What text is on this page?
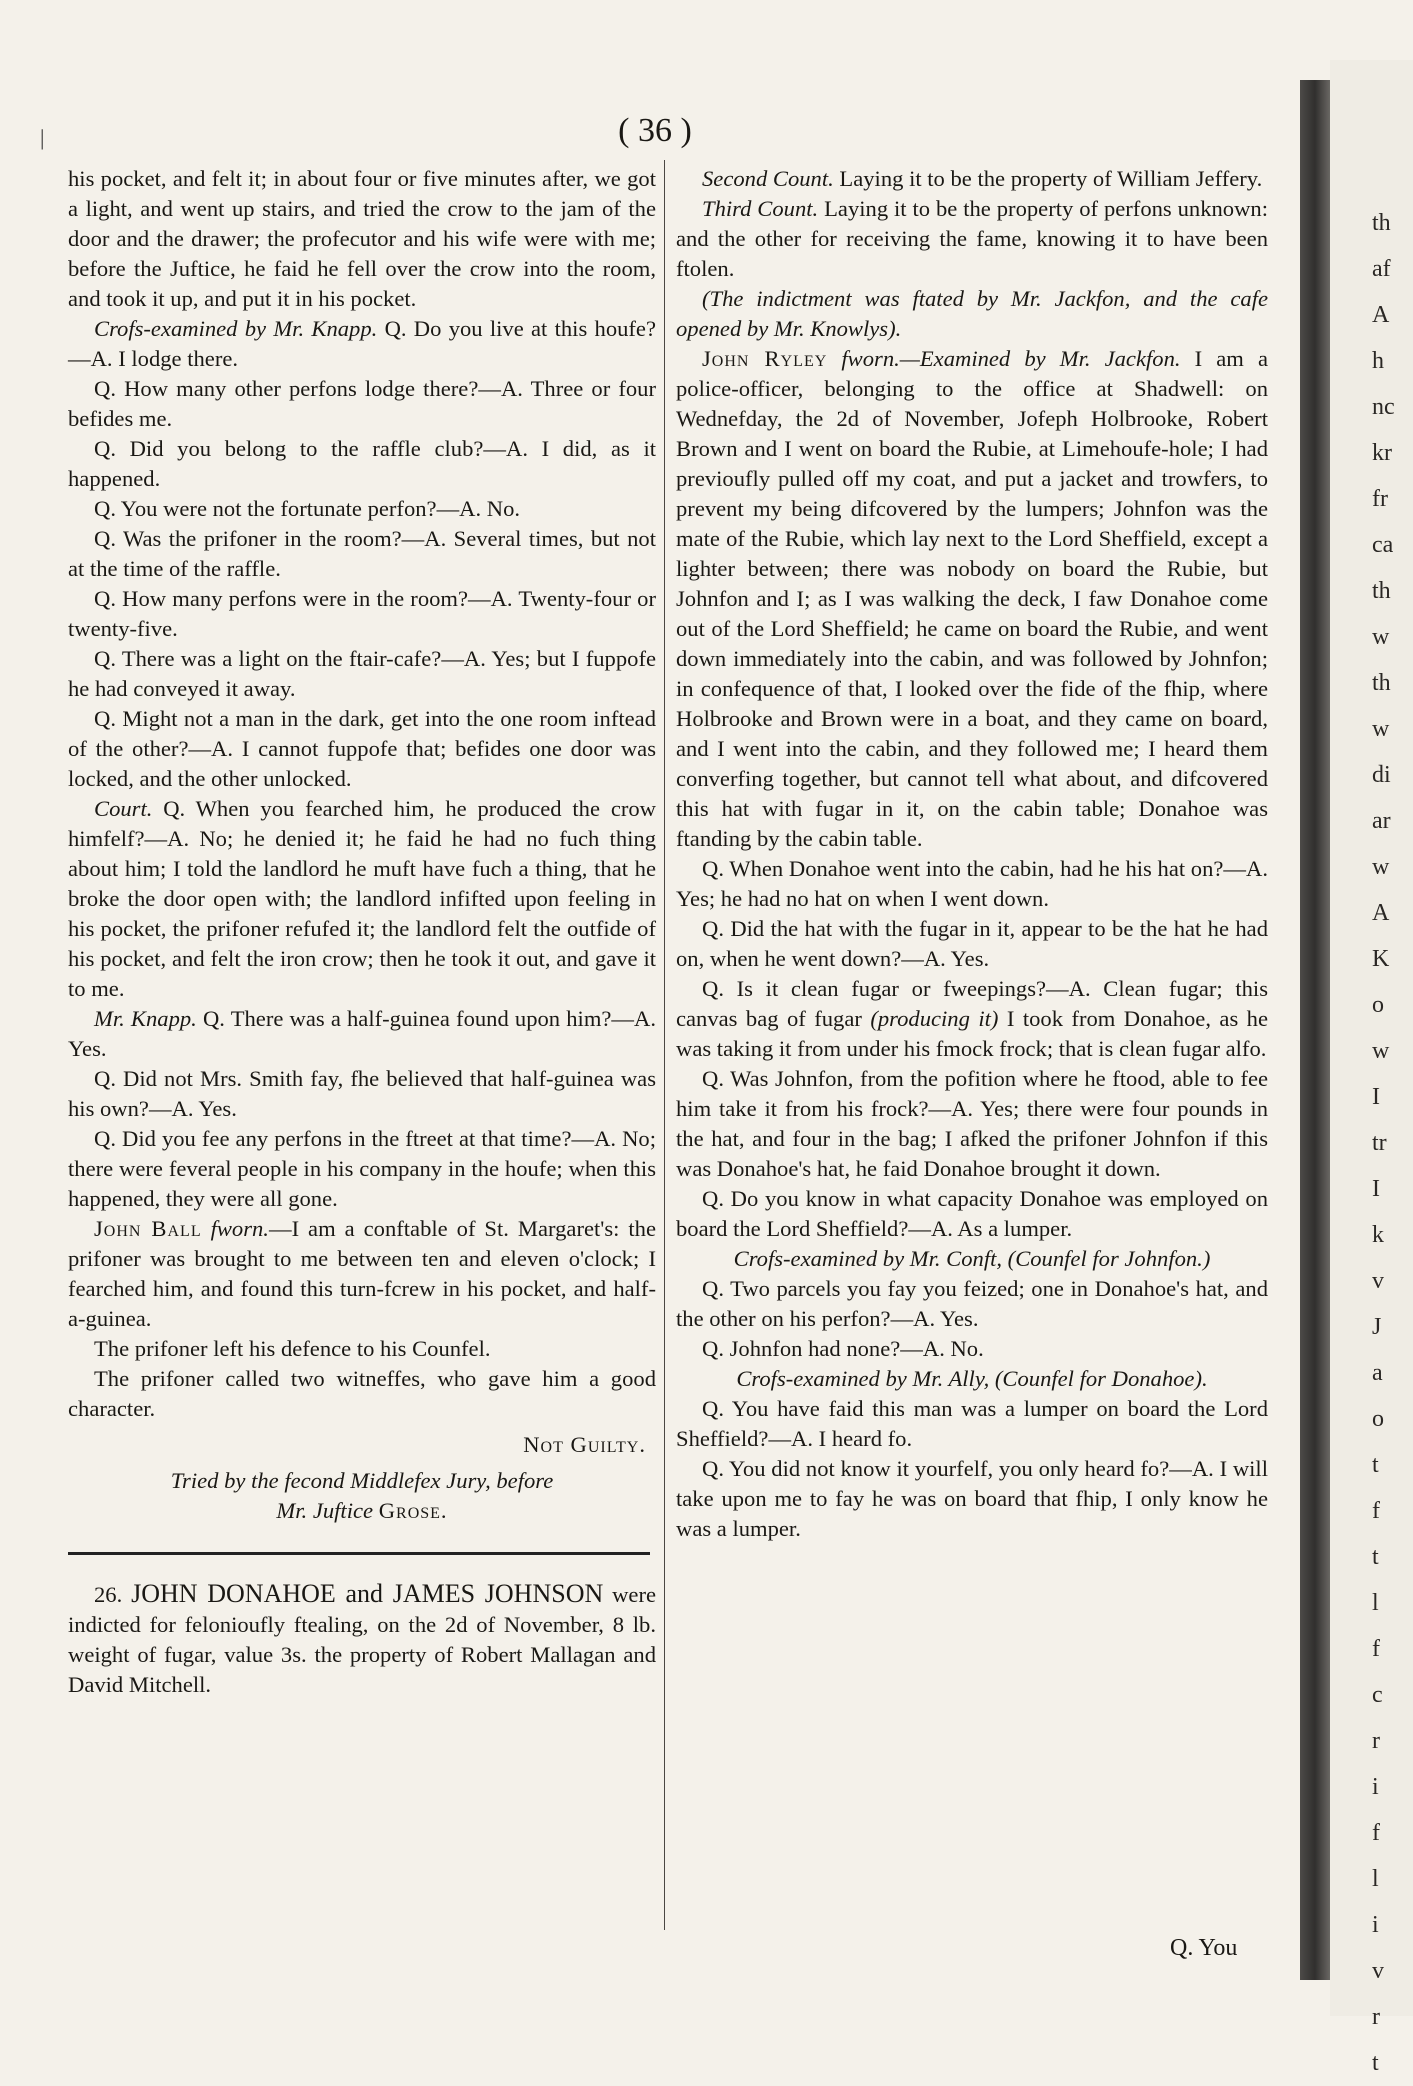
( 36 )

his pocket, and felt it; in about four or five minutes after, we got a light, and went up stairs, and tried the crow to the jam of the door and the drawer; the profecutor and his wife were with me; before the Juftice, he faid he fell over the crow into the room, and took it up, and put it in his pocket.

Crofs-examined by Mr. Knapp. Q. Do you live at this houfe?—A. I lodge there.

Q. How many other perfons lodge there?—A. Three or four befides me.

Q. Did you belong to the raffle club?—A. I did, as it happened.

Q. You were not the fortunate perfon?—A. No.

Q. Was the prifoner in the room?—A. Several times, but not at the time of the raffle.

Q. How many perfons were in the room?—A. Twenty-four or twenty-five.

Q. There was a light on the ftair-cafe?—A. Yes; but I fuppofe he had conveyed it away.

Q. Might not a man in the dark, get into the one room inftead of the other?—A. I cannot fuppofe that; befides one door was locked, and the other unlocked.

Court. Q. When you fearched him, he produced the crow himfelf?—A. No; he denied it; he faid he had no fuch thing about him; I told the landlord he muft have fuch a thing, that he broke the door open with; the landlord infifted upon feeling in his pocket, the prifoner refufed it; the landlord felt the outfide of his pocket, and felt the iron crow; then he took it out, and gave it to me.

Mr. Knapp. Q. There was a half-guinea found upon him?—A. Yes.

Q. Did not Mrs. Smith fay, fhe believed that half-guinea was his own?—A. Yes.

Q. Did you fee any perfons in the ftreet at that time?—A. No; there were feveral people in his company in the houfe; when this happened, they were all gone.

John Ball fworn.—I am a conftable of St. Margaret's: the prifoner was brought to me between ten and eleven o'clock; I fearched him, and found this turn-fcrew in his pocket, and half-a-guinea.

The prifoner left his defence to his Counfel.

The prifoner called two witneffes, who gave him a good character.

Not Guilty.

Tried by the fecond Middlefex Jury, before

Mr. Juftice Grose.

26. JOHN DONAHOE and JAMES JOHNSON were indicted for felonioufly ftealing, on the 2d of November, 8 lb. weight of fugar, value 3s. the property of Robert Mallagan and David Mitchell.

Second Count. Laying it to be the property of William Jeffery.

Third Count. Laying it to be the property of perfons unknown: and the other for receiving the fame, knowing it to have been ftolen.

(The indictment was ftated by Mr. Jackfon, and the cafe opened by Mr. Knowlys).

John Ryley fworn.—Examined by Mr. Jackfon. I am a police-officer, belonging to the office at Shadwell: on Wednefday, the 2d of November, Jofeph Holbrooke, Robert Brown and I went on board the Rubie, at Limehoufe-hole; I had previoufly pulled off my coat, and put a jacket and trowfers, to prevent my being difcovered by the lumpers; Johnfon was the mate of the Rubie, which lay next to the Lord Sheffield, except a lighter between; there was nobody on board the Rubie, but Johnfon and I; as I was walking the deck, I faw Donahoe come out of the Lord Sheffield; he came on board the Rubie, and went down immediately into the cabin, and was followed by Johnfon; in confequence of that, I looked over the fide of the fhip, where Holbrooke and Brown were in a boat, and they came on board, and I went into the cabin, and they followed me; I heard them converfing together, but cannot tell what about, and difcovered this hat with fugar in it, on the cabin table; Donahoe was ftanding by the cabin table.

Q. When Donahoe went into the cabin, had he his hat on?—A. Yes; he had no hat on when I went down.

Q. Did the hat with the fugar in it, appear to be the hat he had on, when he went down?—A. Yes.

Q. Is it clean fugar or fweepings?—A. Clean fugar; this canvas bag of fugar (producing it) I took from Donahoe, as he was taking it from under his fmock frock; that is clean fugar alfo.

Q. Was Johnfon, from the pofition where he ftood, able to fee him take it from his frock?—A. Yes; there were four pounds in the hat, and four in the bag; I afked the prifoner Johnfon if this was Donahoe's hat, he faid Donahoe brought it down.

Q. Do you know in what capacity Donahoe was employed on board the Lord Sheffield?—A. As a lumper.

Crofs-examined by Mr. Conft, (Counfel for Johnfon.)

Q. Two parcels you fay you feized; one in Donahoe's hat, and the other on his perfon?—A. Yes.

Q. Johnfon had none?—A. No.

Crofs-examined by Mr. Ally, (Counfel for Donahoe).

Q. You have faid this man was a lumper on board the Lord Sheffield?—A. I heard fo.

Q. You did not know it yourfelf, you only heard fo?—A. I will take upon me to fay he was on board that fhip, I only know he was a lumper.

Q. You
th
af
A
h
nc
kr
fr
ca
th
w
th
w
di
ar
w
A
K
o
w
I
tr
I
k
v
J
a
o
t
f
t
l
f
c
r
i
f
l
i
v
r
t
|
